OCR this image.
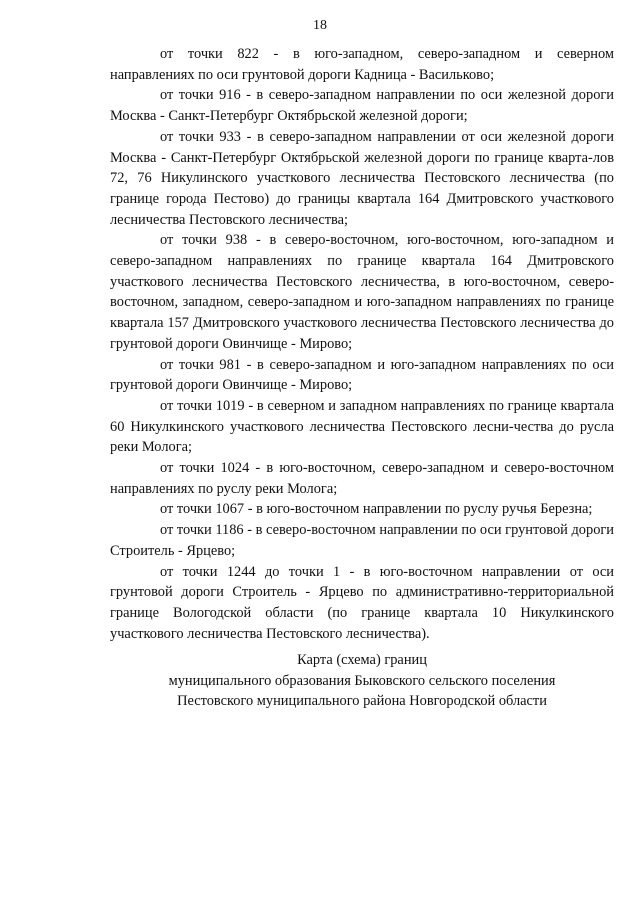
18

от точки 822 - в юго-западном, северо-западном и северном направлениях по оси грунтовой дороги Кадница - Васильково;

от точки 916 - в северо-западном направлении по оси железной дороги Москва - Санкт-Петербург Октябрьской железной дороги;

от точки 933 - в северо-западном направлении от оси железной дороги Москва - Санкт-Петербург Октябрьской железной дороги по границе кварта-лов 72, 76 Никулинского участкового лесничества Пестовского лесничества (по границе города Пестово) до границы квартала 164 Дмитровского участкового лесничества Пестовского лесничества;

от точки 938 - в северо-восточном, юго-восточном, юго-западном и северо-западном направлениях по границе квартала 164 Дмитровского участкового лесничества Пестовского лесничества, в юго-восточном, северо-восточном, западном, северо-западном и юго-западном направлениях по границе квартала 157 Дмитровского участкового лесничества Пестовского лесничества до грунтовой дороги Овинчище - Мирово;

от точки 981 - в северо-западном и юго-западном направлениях по оси грунтовой дороги Овинчище - Мирово;

от точки 1019 - в северном и западном направлениях по границе квартала 60 Никулкинского участкового лесничества Пестовского лесни-чества до русла реки Молога;

от точки 1024 - в юго-восточном, северо-западном и северо-восточном направлениях по руслу реки Молога;

от точки 1067 - в юго-восточном направлении по руслу ручья Березна;

от точки 1186 - в северо-восточном направлении по оси грунтовой дороги Строитель - Ярцево;

от точки 1244 до точки 1 - в юго-восточном направлении от оси грунтовой дороги Строитель - Ярцево по административно-территориальной границе Вологодской области (по границе квартала 10 Никулкинского участкового лесничества Пестовского лесничества).

Карта (схема) границ
муниципального образования Быковского сельского поселения
Пестовского муниципального района Новгородской области
